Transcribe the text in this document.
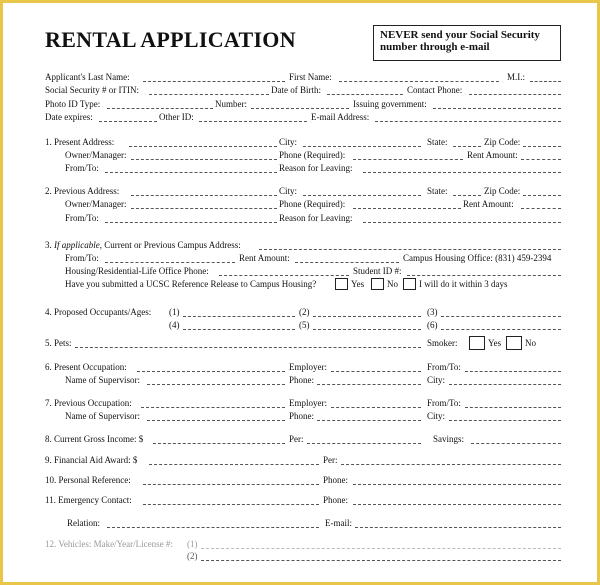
RENTAL APPLICATION	NEVER send your Social Security number through e-mail
Applicant's Last Name:	First Name:	M.I.:
Social Security # or ITIN:	Date of Birth:	Contact Phone:
Photo ID Type:	Number:	Issuing government:
Date expires:	Other ID:	E-mail Address:
1. Present Address:	City:	State:	Zip Code:
Owner/Manager:	Phone (Required):	Rent Amount:
From/To:	Reason for Leaving:
2. Previous Address:	City:	State:	Zip Code:
Owner/Manager:	Phone (Required):	Rent Amount:
From/To:	Reason for Leaving:
3. If applicable, Current or Previous Campus Address:
From/To:	Rent Amount:	Campus Housing Office: (831) 459-2394
Housing/Residential-Life Office Phone:	Student ID #:
Have you submitted a UCSC Reference Release to Campus Housing?	Yes	No I will do it within 3 days
4. Proposed Occupants/Ages: (1)	(2)	(3)
(4)	(5)	(6)
5. Pets:	Smoker:	Yes	No
6. Present Occupation:	Employer:	From/To:
Name of Supervisor:	Phone:	City:
7. Previous Occupation:	Employer:	From/To:
Name of Supervisor:	Phone:	City:
8. Current Gross Income: $	Per:	Savings:
9. Financial Aid Award: $	Per:
10. Personal Reference:	Phone:
11. Emergency Contact:	Phone:
Relation:	E-mail:
12. Vehicles: Make/Year/License #: (1)
(2)
